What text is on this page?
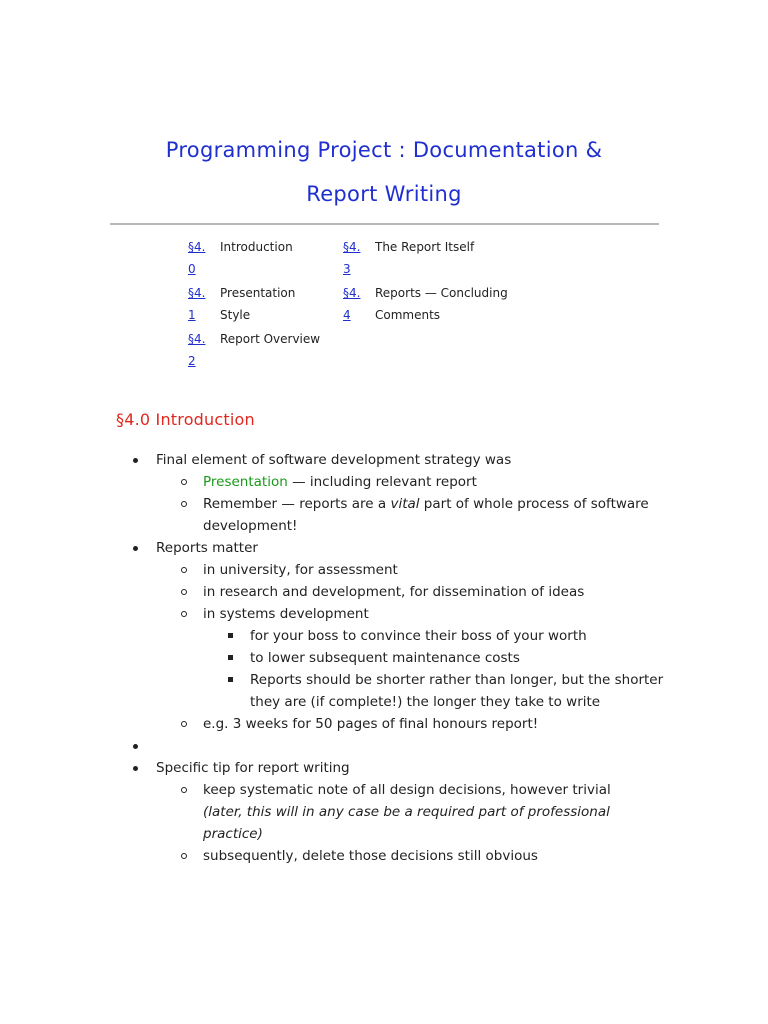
Programming Project : Documentation &
Report Writing
§4.
0
Introduction
§4.
1
Presentation
Style
§4.
2
Report Overview
§4.
3
The Report Itself
§4.
4
Reports — Concluding
Comments
§4.0 Introduction
Final element of software development strategy was
Presentation — including relevant report
Remember — reports are a vital part of whole process of software development!
Reports matter
in university, for assessment
in research and development, for dissemination of ideas
in systems development
for your boss to convince their boss of your worth
to lower subsequent maintenance costs
Reports should be shorter rather than longer, but the shorter they are (if complete!) the longer they take to write
e.g. 3 weeks for 50 pages of final honours report!
Specific tip for report writing
keep systematic note of all design decisions, however trivial
(later, this will in any case be a required part of professional practice)
subsequently, delete those decisions still obvious
